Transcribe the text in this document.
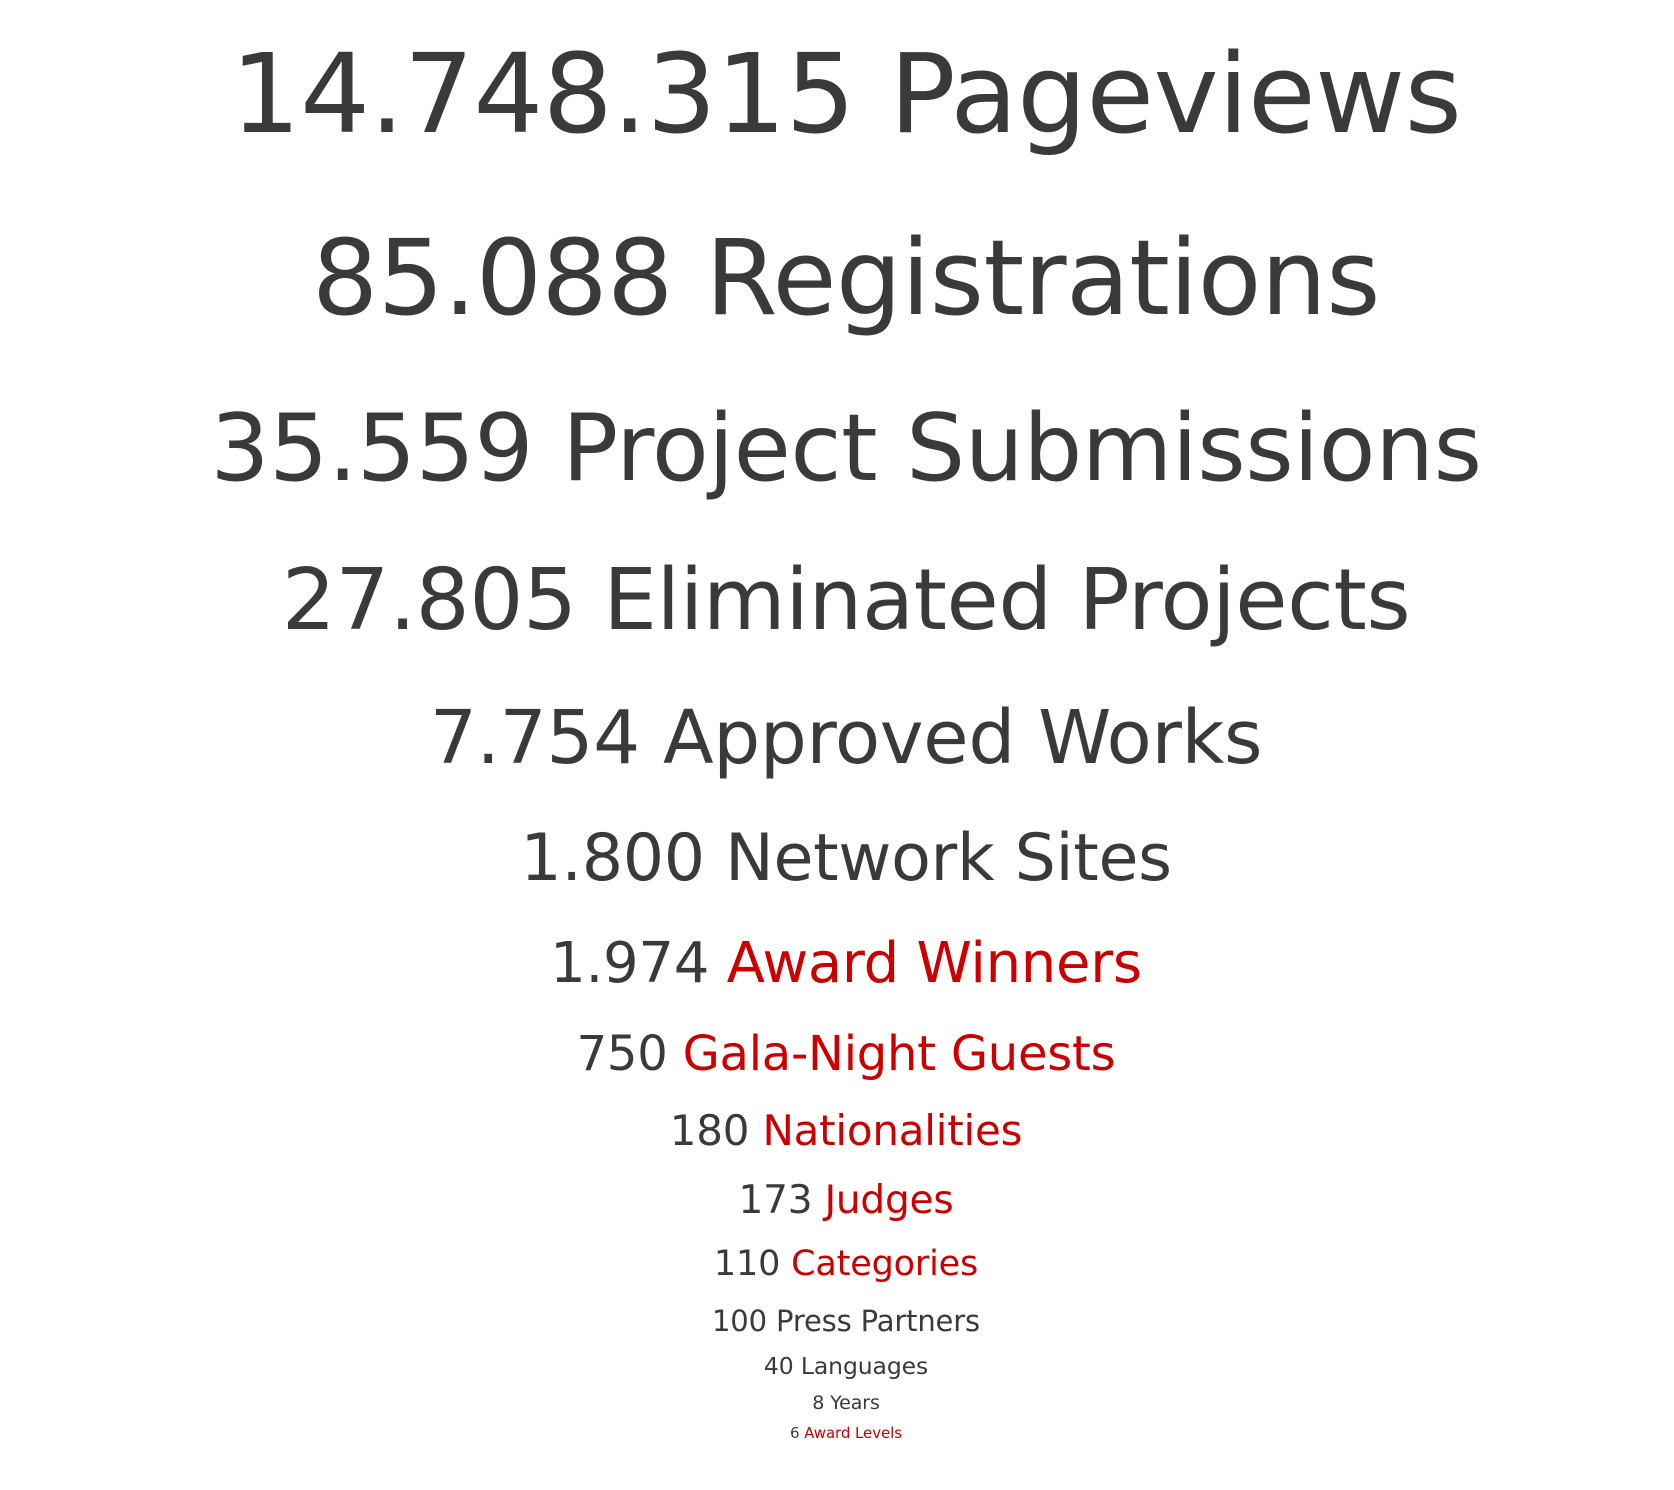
14.748.315 Pageviews
85.088 Registrations
35.559 Project Submissions
27.805 Eliminated Projects
7.754 Approved Works
1.800 Network Sites
1.974 Award Winners
750 Gala-Night Guests
180 Nationalities
173 Judges
110 Categories
100 Press Partners
40 Languages
8 Years
6 Award Levels
